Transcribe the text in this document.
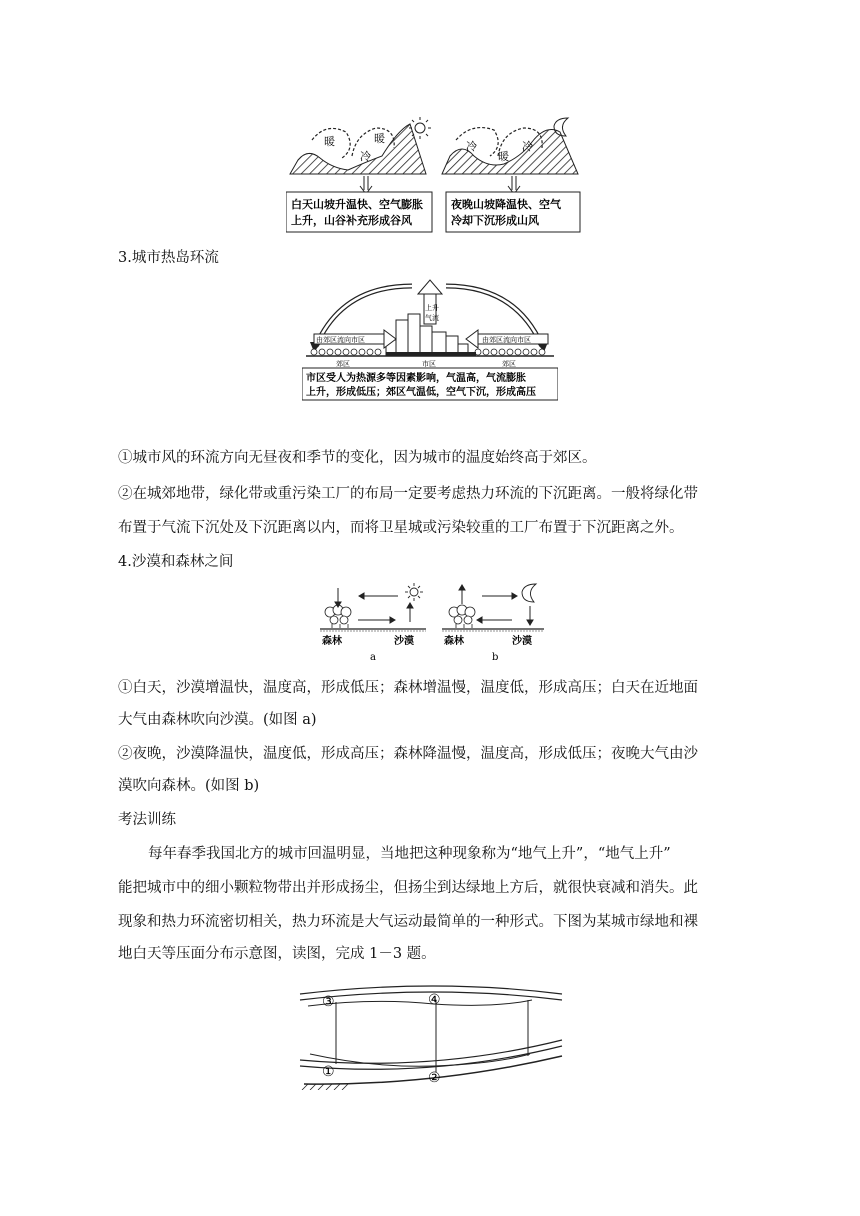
暖	暖
冷
白天山坡升温快、空气膨胀
上升，山谷补充形成谷风
冷
暖
冷
夜晚山坡降温快、空气
冷却下沉形成山风
3.城市热岛环流
上升
气流
由郊区流向市区	由郊区流向市区
郊区	市区	郊区
市区受人为热源多等因素影响，气温高，气流膨胀
上升，形成低压；郊区气温低，空气下沉，形成高压
①城市风的环流方向无昼夜和季节的变化，因为城市的温度始终高于郊区。
②在城郊地带，绿化带或重污染工厂的布局一定要考虑热力环流的下沉距离。一般将绿化带
布置于气流下沉处及下沉距离以内，而将卫星城或污染较重的工厂布置于下沉距离之外。
4.沙漠和森林之间
森林	沙漠
a
森林	沙漠
b
①白天，沙漠增温快，温度高，形成低压；森林增温慢，温度低，形成高压；白天在近地面
大气由森林吹向沙漠。(如图 a)
②夜晚，沙漠降温快，温度低，形成高压；森林降温慢，温度高，形成低压；夜晚大气由沙
漠吹向森林。(如图 b)
考法训练
每年春季我国北方的城市回温明显，当地把这种现象称为“地气上升”，“地气上升”
能把城市中的细小颗粒物带出并形成扬尘，但扬尘到达绿地上方后，就很快衰减和消失。此
现象和热力环流密切相关，热力环流是大气运动最简单的一种形式。下图为某城市绿地和裸
地白天等压面分布示意图，读图，完成 1－3 题。
③	④
①	②
